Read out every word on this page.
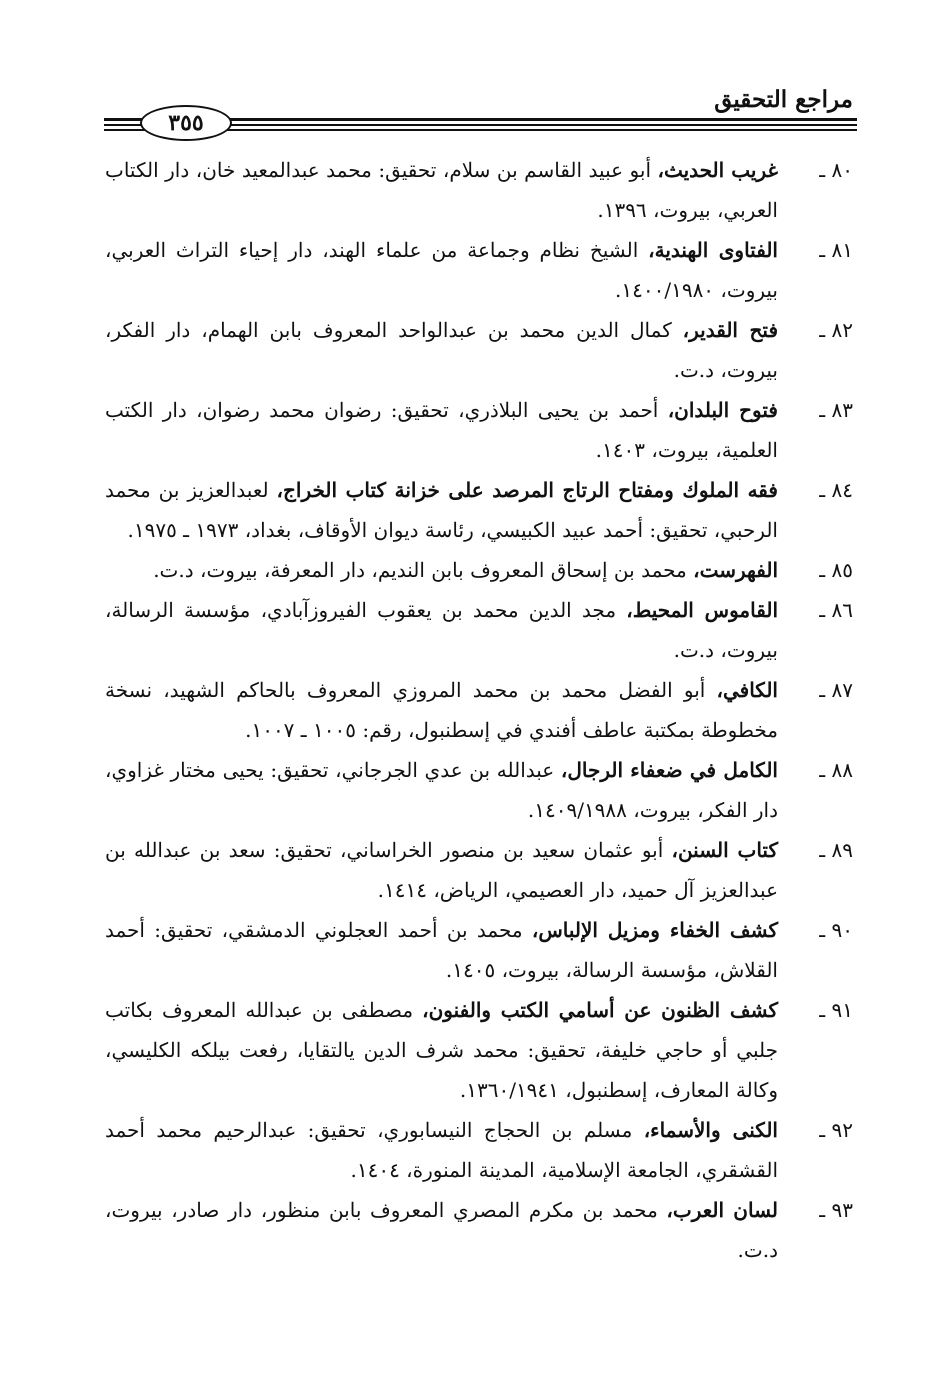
مراجع التحقيق
٣٥٥
٨٠ ـ
غريب الحديث، أبو عبيد القاسم بن سلام، تحقيق: محمد عبدالمعيد خان، دار الكتاب العربي، بيروت، ١٣٩٦.
٨١ ـ
الفتاوى الهندية، الشيخ نظام وجماعة من علماء الهند، دار إحياء التراث العربي، بيروت، ١٤٠٠/١٩٨٠.
٨٢ ـ
فتح القدير، كمال الدين محمد بن عبدالواحد المعروف بابن الهمام، دار الفكر، بيروت، د.ت.
٨٣ ـ
فتوح البلدان، أحمد بن يحيى البلاذري، تحقيق: رضوان محمد رضوان، دار الكتب العلمية، بيروت، ١٤٠٣.
٨٤ ـ
فقه الملوك ومفتاح الرتاج المرصد على خزانة كتاب الخراج، لعبدالعزيز بن محمد الرحبي، تحقيق: أحمد عبيد الكبيسي، رئاسة ديوان الأوقاف، بغداد، ١٩٧٣ ـ ١٩٧٥.
٨٥ ـ
الفهرست، محمد بن إسحاق المعروف بابن النديم، دار المعرفة، بيروت، د.ت.
٨٦ ـ
القاموس المحيط، مجد الدين محمد بن يعقوب الفيروزآبادي، مؤسسة الرسالة، بيروت، د.ت.
٨٧ ـ
الكافي، أبو الفضل محمد بن محمد المروزي المعروف بالحاكم الشهيد، نسخة مخطوطة بمكتبة عاطف أفندي في إسطنبول، رقم: ١٠٠٥ ـ ١٠٠٧.
٨٨ ـ
الكامل في ضعفاء الرجال، عبدالله بن عدي الجرجاني، تحقيق: يحيى مختار غزاوي، دار الفكر، بيروت، ١٤٠٩/١٩٨٨.
٨٩ ـ
كتاب السنن، أبو عثمان سعيد بن منصور الخراساني، تحقيق: سعد بن عبدالله بن عبدالعزيز آل حميد، دار العصيمي، الرياض، ١٤١٤.
٩٠ ـ
كشف الخفاء ومزيل الإلباس، محمد بن أحمد العجلوني الدمشقي، تحقيق: أحمد القلاش، مؤسسة الرسالة، بيروت، ١٤٠٥.
٩١ ـ
كشف الظنون عن أسامي الكتب والفنون، مصطفى بن عبدالله المعروف بكاتب جلبي أو حاجي خليفة، تحقيق: محمد شرف الدين يالتقايا، رفعت بيلكه الكليسي، وكالة المعارف، إسطنبول، ١٣٦٠/١٩٤١.
٩٢ ـ
الكنى والأسماء، مسلم بن الحجاج النيسابوري، تحقيق: عبدالرحيم محمد أحمد القشقري، الجامعة الإسلامية، المدينة المنورة، ١٤٠٤.
٩٣ ـ
لسان العرب، محمد بن مكرم المصري المعروف بابن منظور، دار صادر، بيروت، د.ت.
